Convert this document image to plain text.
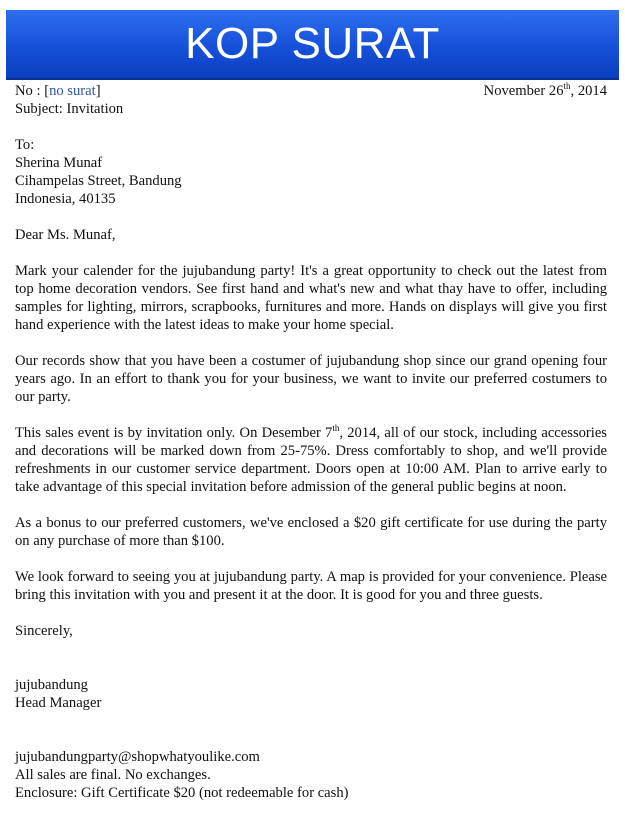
KOP SURAT
No : [no surat]	November 26th, 2014

Subject: Invitation

To:

Sherina Munaf

Cihampelas Street, Bandung

Indonesia, 40135

Dear Ms. Munaf,

Mark your calender for the jujubandung party! It's a great opportunity to check out the latest from top home decoration vendors. See first hand and what's new and what thay have to offer, including samples for lighting, mirrors, scrapbooks, furnitures and more. Hands on displays will give you first hand experience with the latest ideas to make your home special.

Our records show that you have been a costumer of jujubandung shop since our grand opening four years ago. In an effort to thank you for your business, we want to invite our preferred costumers to our party.

This sales event is by invitation only. On Desember 7th, 2014, all of our stock, including accessories and decorations will be marked down from 25-75%. Dress comfortably to shop, and we'll provide refreshments in our customer service department. Doors open at 10:00 AM. Plan to arrive early to take advantage of this special invitation before admission of the general public begins at noon.

As a bonus to our preferred customers, we've enclosed a $20 gift certificate for use during the party on any purchase of more than $100.

We look forward to seeing you at jujubandung party. A map is provided for your convenience. Please bring this invitation with you and present it at the door. It is good for you and three guests.

Sincerely,

jujubandung

Head Manager

jujubandungparty@shopwhatyoulike.com

All sales are final. No exchanges.

Enclosure: Gift Certificate $20 (not redeemable for cash)
